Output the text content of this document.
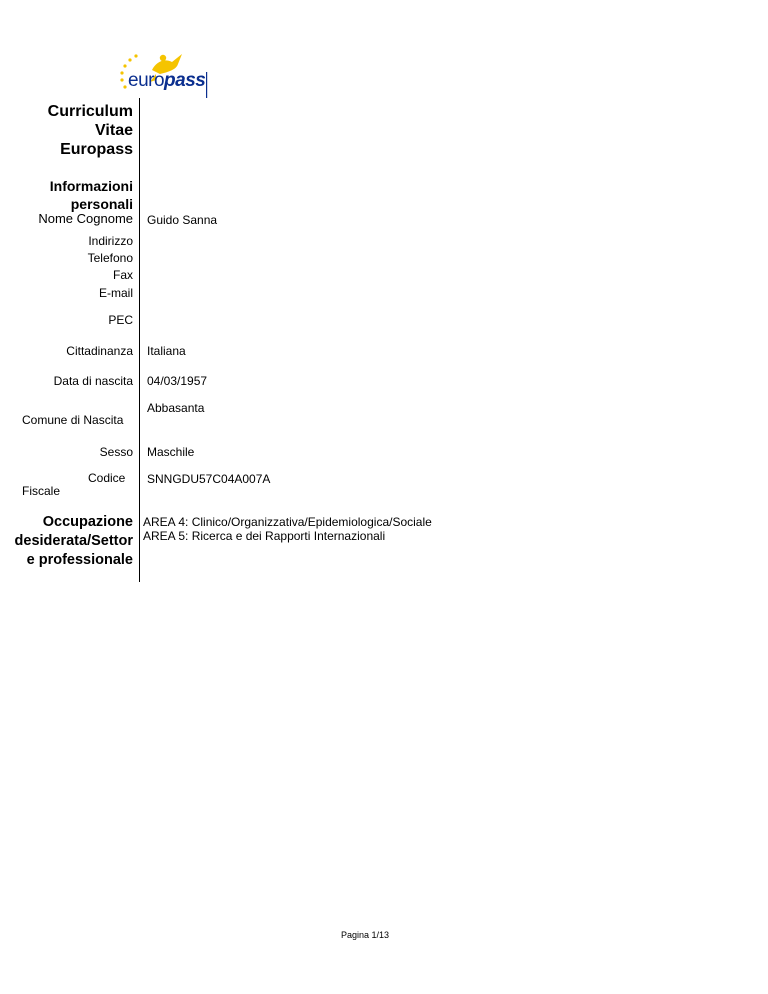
europass
Curriculum
Vitae
Europass
Informazioni
personali
Nome Cognome Guido Sanna
Indirizzo
Telefono
Fax
E-mail
PEC
Cittadinanza Italiana
Data di nascita 04/03/1957
Abbasanta
Comune di Nascita
Sesso Maschile
Codice
Fiscale
SNNGDU57C04A007A
Occupazione
desiderata/Settor
e professionale
AREA 4: Clinico/Organizzativa/Epidemiologica/Sociale
AREA 5: Ricerca e dei Rapporti Internazionali
Pagina 1/13
